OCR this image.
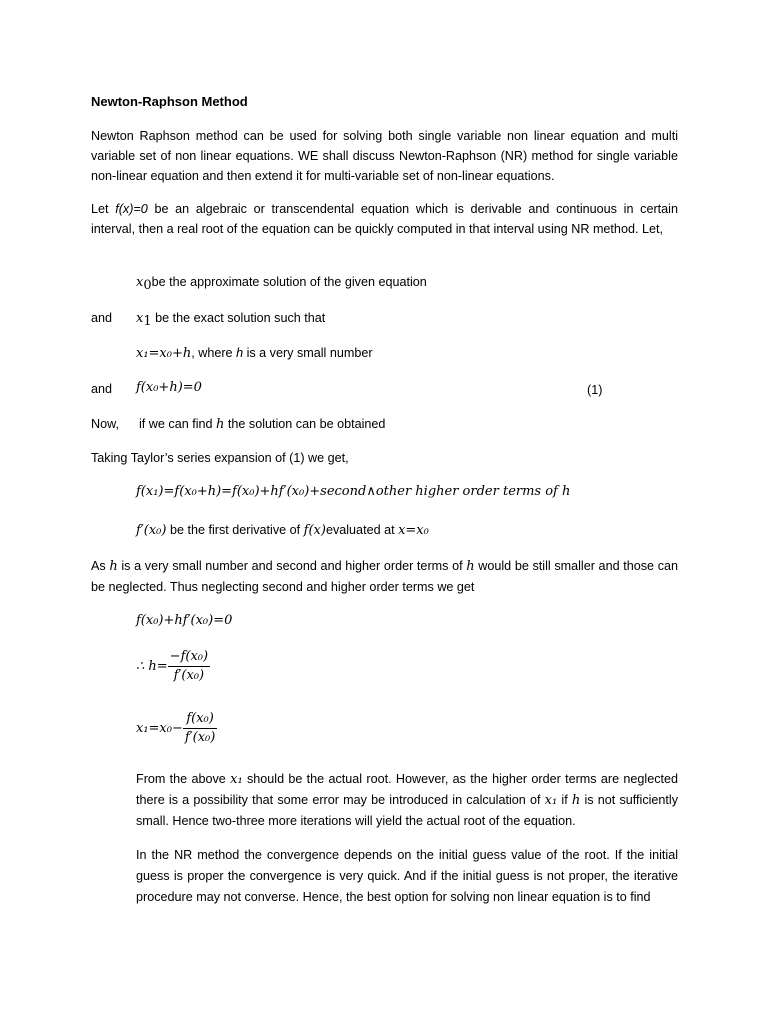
Newton-Raphson Method

Newton Raphson method can be used for solving both single variable non linear equation and multi variable set of non linear equations. WE shall discuss Newton-Raphson (NR) method for single variable non-linear equation and then extend it for multi-variable set of non-linear equations.

Let f(x)=0 be an algebraic or transcendental equation which is derivable and continuous in certain interval, then a real root of the equation can be quickly computed in that interval using NR method. Let,

$x_0be$ the approximate solution of the given equation
and $x_1$ be the exact solution such that
x₁=x₀+h, where h is a very small number
and f(x₀+h)=0	(1)
Now, if we can find h the solution can be obtained
Taking Taylor’s series expansion of (1) we get,
f(x₁)=f(x₀+h)=f(x₀)+hf′(x₀)+second∧other higher order terms of h
f′(x₀) be the first derivative of f(x)evaluated at x=x₀

As h is a very small number and second and higher order terms of h would be still smaller and those can be neglected. Thus neglecting second and higher order terms we get

f(x₀)+hf′(x₀)=0
∴ $h= \frac{\text{−f(x₀)}}{\text{f′(x₀)}}$
$x_1=x_0- \frac{\text{f(x₀)}}{\text{f′(x₀)}}$

From the above x₁ should be the actual root. However, as the higher order terms are neglected there is a possibility that some error may be introduced in calculation of x₁ if h is not sufficiently small. Hence two-three more iterations will yield the actual root of the equation.

In the NR method the convergence depends on the initial guess value of the root. If the initial guess is proper the convergence is very quick. And if the initial guess is not proper, the iterative procedure may not converse. Hence, the best option for solving non linear equation is to find
